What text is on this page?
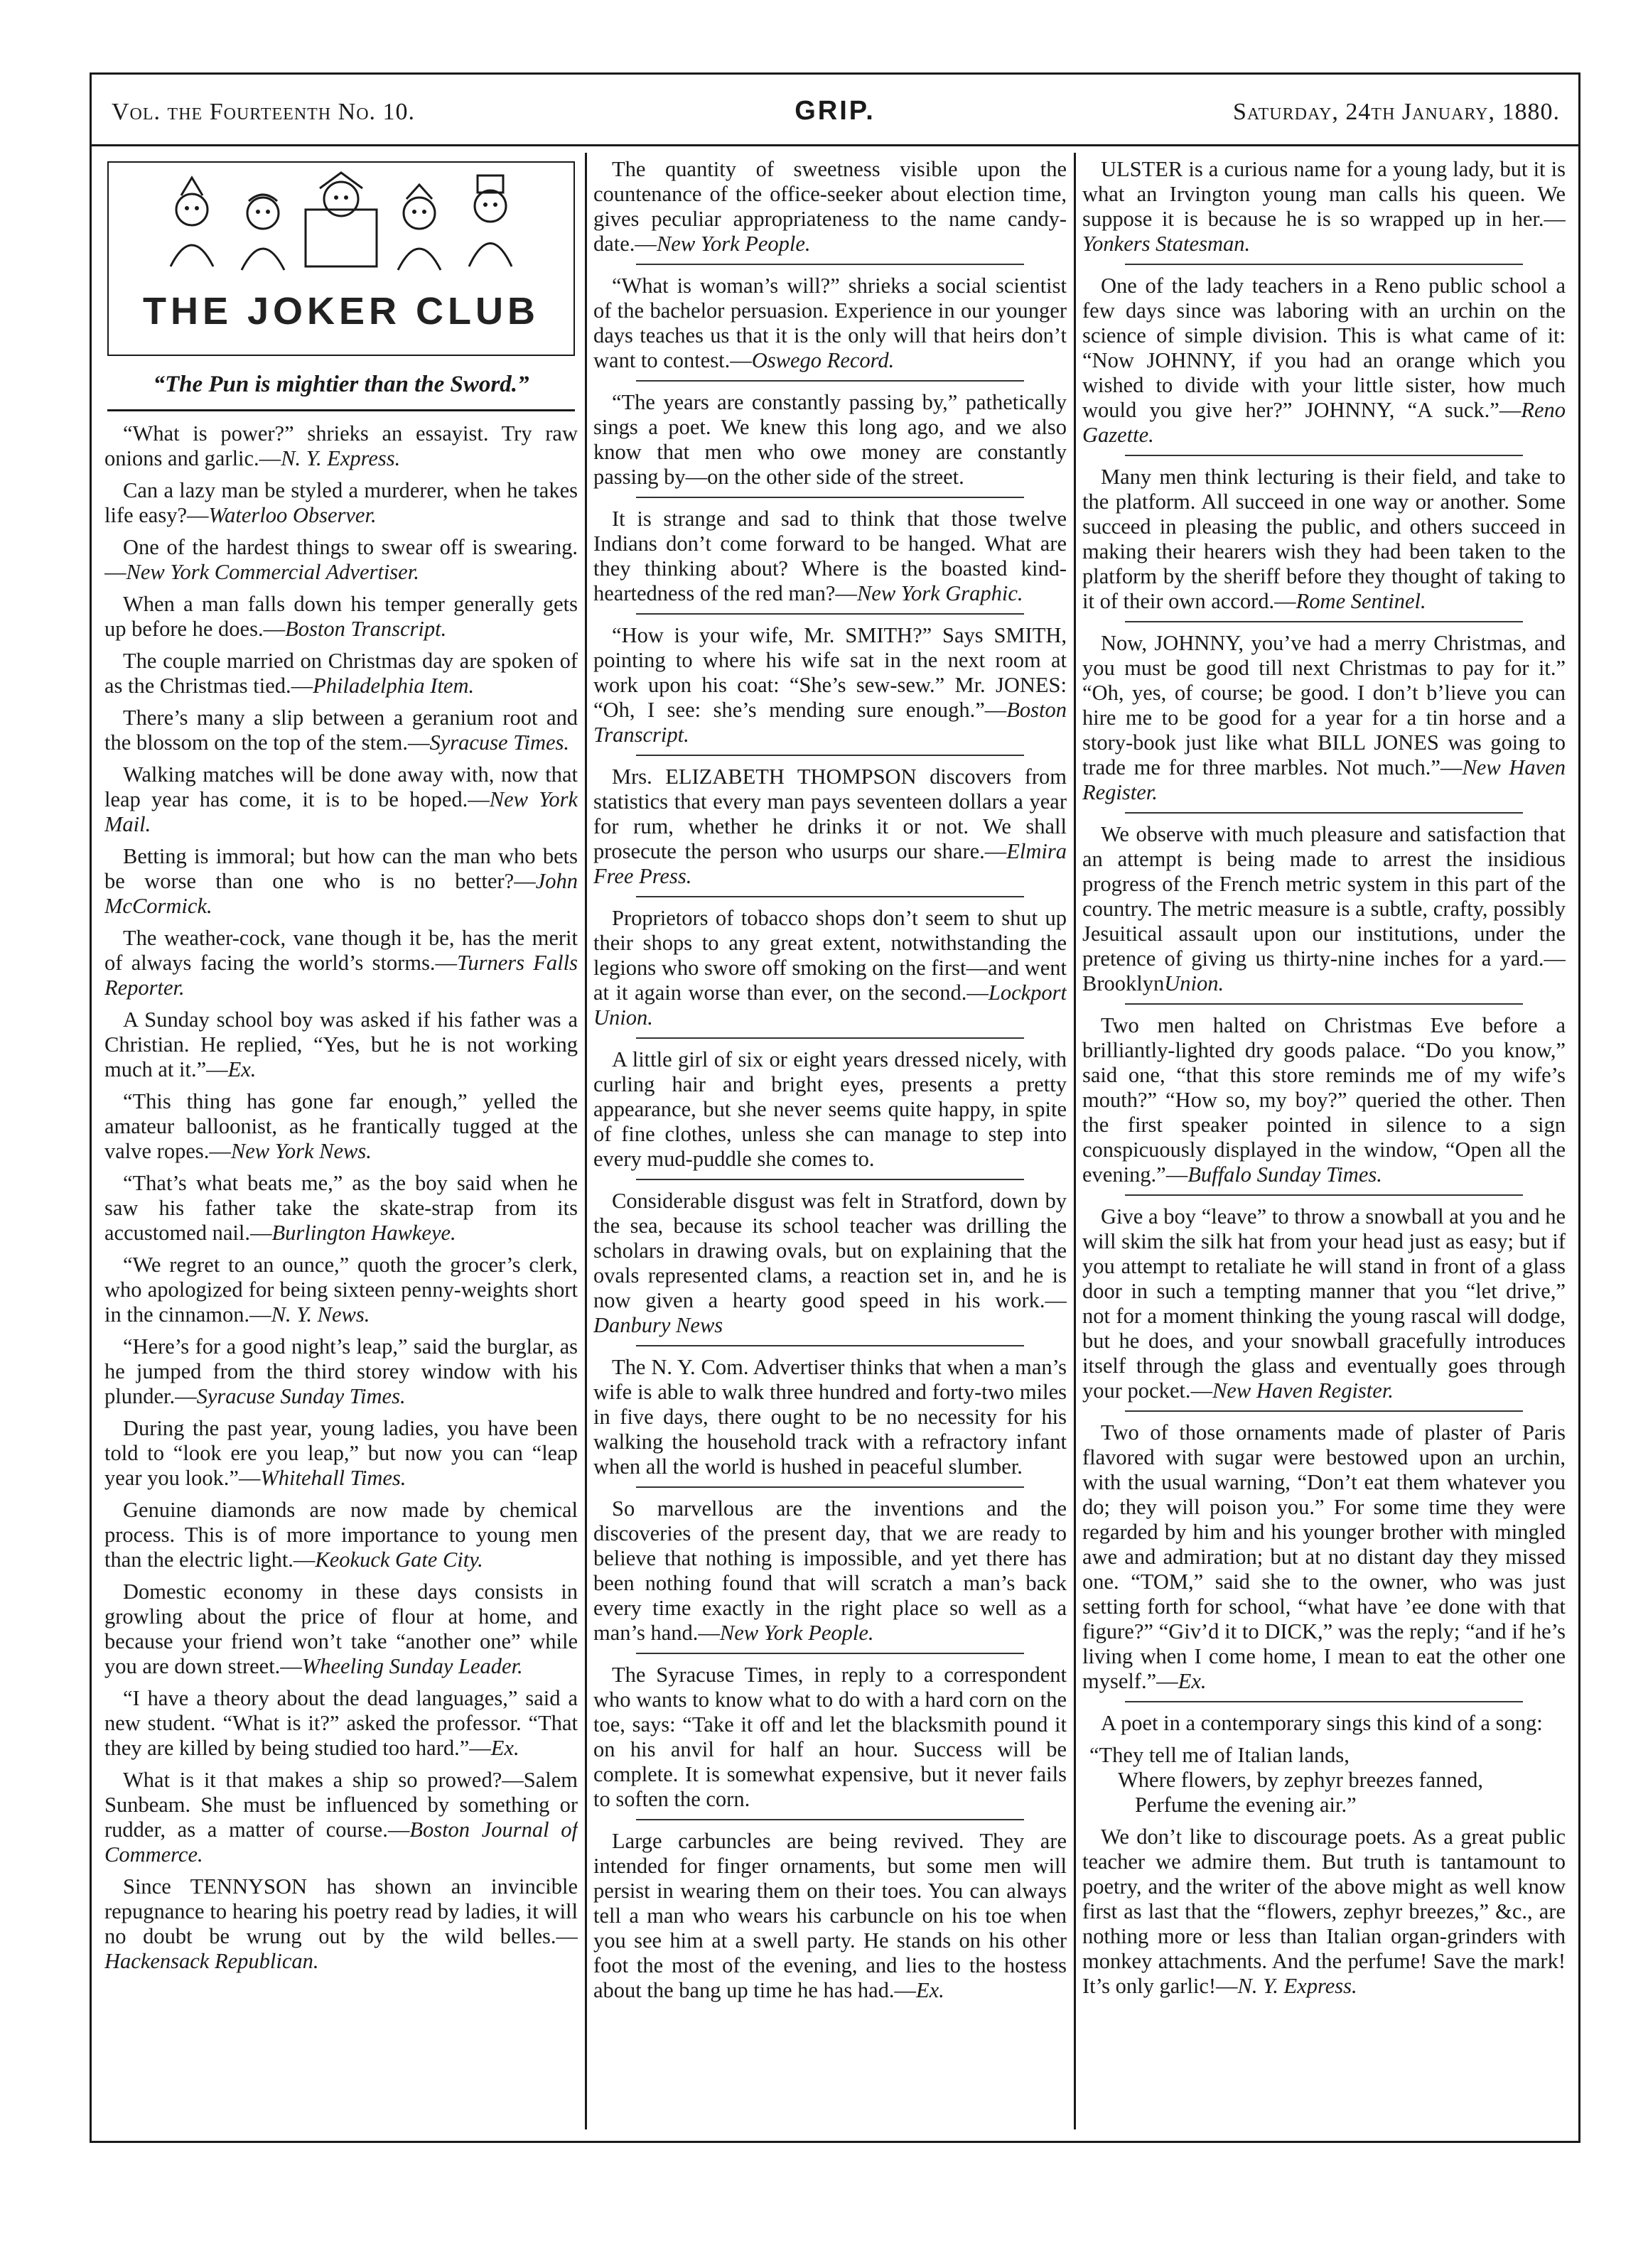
Vol. the Fourteenth No. 10.	GRIP.	Saturday, 24th January, 1880.
THE JOKER CLUB
“The Pun is mightier than the Sword.”
“What is power?” shrieks an essayist. Try raw onions and garlic.—N. Y. Express.
Can a lazy man be styled a murderer, when he takes life easy?—Waterloo Observer.
One of the hardest things to swear off is swearing.—New York Commercial Advertiser.
When a man falls down his temper generally gets up before he does.—Boston Transcript.
The couple married on Christmas day are spoken of as the Christmas tied.—Philadelphia Item.
There’s many a slip between a geranium root and the blossom on the top of the stem.—Syracuse Times.
Walking matches will be done away with, now that leap year has come, it is to be hoped.—New York Mail.
Betting is immoral; but how can the man who bets be worse than one who is no better?—John McCormick.
The weather-cock, vane though it be, has the merit of always facing the world’s storms.—Turners Falls Reporter.
A Sunday school boy was asked if his father was a Christian. He replied, “Yes, but he is not working much at it.”—Ex.
“This thing has gone far enough,” yelled the amateur balloonist, as he frantically tugged at the valve ropes.—New York News.
“That’s what beats me,” as the boy said when he saw his father take the skate-strap from its accustomed nail.—Burlington Hawkeye.
“We regret to an ounce,” quoth the grocer’s clerk, who apologized for being sixteen penny-weights short in the cinnamon.—N. Y. News.
“Here’s for a good night’s leap,” said the burglar, as he jumped from the third storey window with his plunder.—Syracuse Sunday Times.
During the past year, young ladies, you have been told to “look ere you leap,” but now you can “leap year you look.”—Whitehall Times.
Genuine diamonds are now made by chemical process. This is of more importance to young men than the electric light.—Keokuck Gate City.
Domestic economy in these days consists in growling about the price of flour at home, and because your friend won’t take “another one” while you are down street.—Wheeling Sunday Leader.
“I have a theory about the dead languages,” said a new student. “What is it?” asked the professor. “That they are killed by being studied too hard.”—Ex.
What is it that makes a ship so prowed?—Salem Sunbeam. She must be influenced by something or rudder, as a matter of course.—Boston Journal of Commerce.
Since TENNYSON has shown an invincible repugnance to hearing his poetry read by ladies, it will no doubt be wrung out by the wild belles.—Hackensack Republican.
The quantity of sweetness visible upon the countenance of the office-seeker about election time, gives peculiar appropriateness to the name candy-date.—New York People.
“What is woman’s will?” shrieks a social scientist of the bachelor persuasion. Experience in our younger days teaches us that it is the only will that heirs don’t want to contest.—Oswego Record.
“The years are constantly passing by,” pathetically sings a poet. We knew this long ago, and we also know that men who owe money are constantly passing by—on the other side of the street.
It is strange and sad to think that those twelve Indians don’t come forward to be hanged. What are they thinking about? Where is the boasted kind-heartedness of the red man?—New York Graphic.
“How is your wife, Mr. SMITH?” Says SMITH, pointing to where his wife sat in the next room at work upon his coat: “She’s sew-sew.” Mr. JONES: “Oh, I see: she’s mending sure enough.”—Boston Transcript.
Mrs. ELIZABETH THOMPSON discovers from statistics that every man pays seventeen dollars a year for rum, whether he drinks it or not. We shall prosecute the person who usurps our share.—Elmira Free Press.
Proprietors of tobacco shops don’t seem to shut up their shops to any great extent, notwithstanding the legions who swore off smoking on the first—and went at it again worse than ever, on the second.—Lockport Union.
A little girl of six or eight years dressed nicely, with curling hair and bright eyes, presents a pretty appearance, but she never seems quite happy, in spite of fine clothes, unless she can manage to step into every mud-puddle she comes to.
Considerable disgust was felt in Stratford, down by the sea, because its school teacher was drilling the scholars in drawing ovals, but on explaining that the ovals represented clams, a reaction set in, and he is now given a hearty good speed in his work.—Danbury News
The N. Y. Com. Advertiser thinks that when a man’s wife is able to walk three hundred and forty-two miles in five days, there ought to be no necessity for his walking the household track with a refractory infant when all the world is hushed in peaceful slumber.
So marvellous are the inventions and the discoveries of the present day, that we are ready to believe that nothing is impossible, and yet there has been nothing found that will scratch a man’s back every time exactly in the right place so well as a man’s hand.—New York People.
The Syracuse Times, in reply to a correspondent who wants to know what to do with a hard corn on the toe, says: “Take it off and let the blacksmith pound it on his anvil for half an hour. Success will be complete. It is somewhat expensive, but it never fails to soften the corn.
Large carbuncles are being revived. They are intended for finger ornaments, but some men will persist in wearing them on their toes. You can always tell a man who wears his carbuncle on his toe when you see him at a swell party. He stands on his other foot the most of the evening, and lies to the hostess about the bang up time he has had.—Ex.
ULSTER is a curious name for a young lady, but it is what an Irvington young man calls his queen. We suppose it is because he is so wrapped up in her.—Yonkers Statesman.
One of the lady teachers in a Reno public school a few days since was laboring with an urchin on the science of simple division. This is what came of it: “Now JOHNNY, if you had an orange which you wished to divide with your little sister, how much would you give her?” JOHNNY, “A suck.”—Reno Gazette.
Many men think lecturing is their field, and take to the platform. All succeed in one way or another. Some succeed in pleasing the public, and others succeed in making their hearers wish they had been taken to the platform by the sheriff before they thought of taking to it of their own accord.—Rome Sentinel.
Now, JOHNNY, you’ve had a merry Christmas, and you must be good till next Christmas to pay for it.” “Oh, yes, of course; be good. I don’t b’lieve you can hire me to be good for a year for a tin horse and a story-book just like what BILL JONES was going to trade me for three marbles. Not much.”—New Haven Register.
We observe with much pleasure and satisfaction that an attempt is being made to arrest the insidious progress of the French metric system in this part of the country. The metric measure is a subtle, crafty, possibly Jesuitical assault upon our institutions, under the pretence of giving us thirty-nine inches for a yard.—BrooklynUnion.
Two men halted on Christmas Eve before a brilliantly-lighted dry goods palace. “Do you know,” said one, “that this store reminds me of my wife’s mouth?” “How so, my boy?” queried the other. Then the first speaker pointed in silence to a sign conspicuously displayed in the window, “Open all the evening.”—Buffalo Sunday Times.
Give a boy “leave” to throw a snowball at you and he will skim the silk hat from your head just as easy; but if you attempt to retaliate he will stand in front of a glass door in such a tempting manner that you “let drive,” not for a moment thinking the young rascal will dodge, but he does, and your snowball gracefully introduces itself through the glass and eventually goes through your pocket.—New Haven Register.
Two of those ornaments made of plaster of Paris flavored with sugar were bestowed upon an urchin, with the usual warning, “Don’t eat them whatever you do; they will poison you.” For some time they were regarded by him and his younger brother with mingled awe and admiration; but at no distant day they missed one. “TOM,” said she to the owner, who was just setting forth for school, “what have ’ee done with that figure?” “Giv’d it to DICK,” was the reply; “and if he’s living when I come home, I mean to eat the other one myself.”—Ex.
A poet in a contemporary sings this kind of a song:
“They tell me of Italian lands,
Where flowers, by zephyr breezes fanned,
Perfume the evening air.”
We don’t like to discourage poets. As a great public teacher we admire them. But truth is tantamount to poetry, and the writer of the above might as well know first as last that the “flowers, zephyr breezes,” &c., are nothing more or less than Italian organ-grinders with monkey attachments. And the perfume! Save the mark! It’s only garlic!—N. Y. Express.
